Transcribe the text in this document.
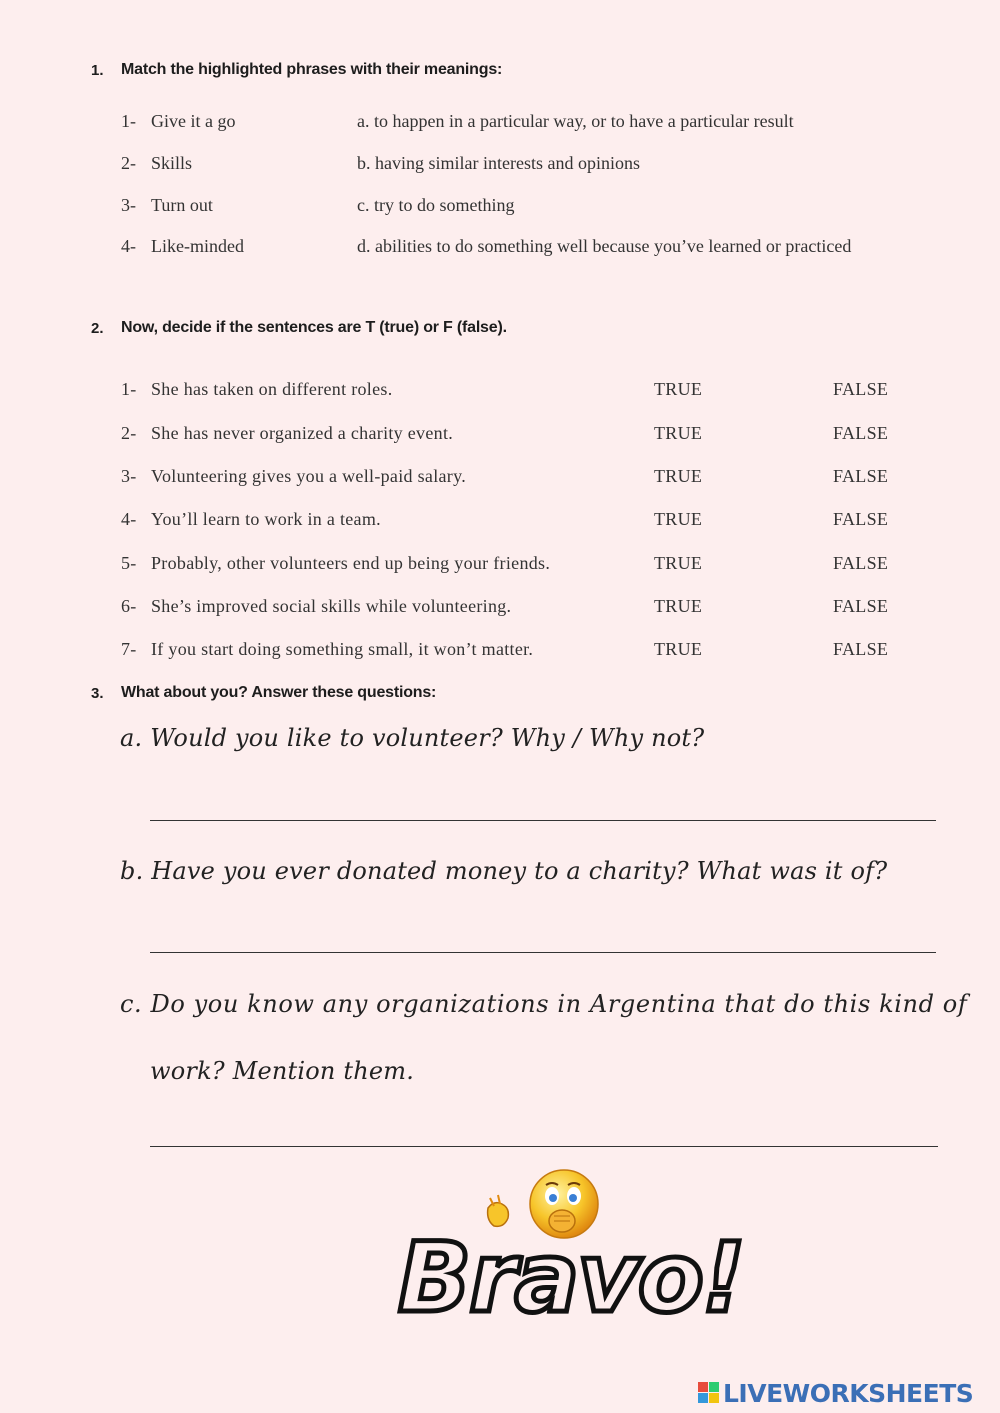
1. Match the highlighted phrases with their meanings:
1- Give it a go	a. to happen in a particular way, or to have a particular result
2- Skills	b. having similar interests and opinions
3- Turn out	c. try to do something
4- Like-minded	d. abilities to do something well because you’ve learned or practiced
2. Now, decide if the sentences are T (true) or F (false).
1- She has taken on different roles.	TRUE	FALSE
2- She has never organized a charity event.	TRUE	FALSE
3- Volunteering gives you a well-paid salary.	TRUE	FALSE
4- You’ll learn to work in a team.	TRUE	FALSE
5- Probably, other volunteers end up being your friends.	TRUE	FALSE
6- She’s improved social skills while volunteering.	TRUE	FALSE
7- If you start doing something small, it won’t matter.	TRUE	FALSE
3. What about you? Answer these questions:
a. Would you like to volunteer? Why / Why not?
b. Have you ever donated money to a charity? What was it of?
c. Do you know any organizations in Argentina that do this kind of
work? Mention them.
Bravo!
LIVEWORKSHEETS
